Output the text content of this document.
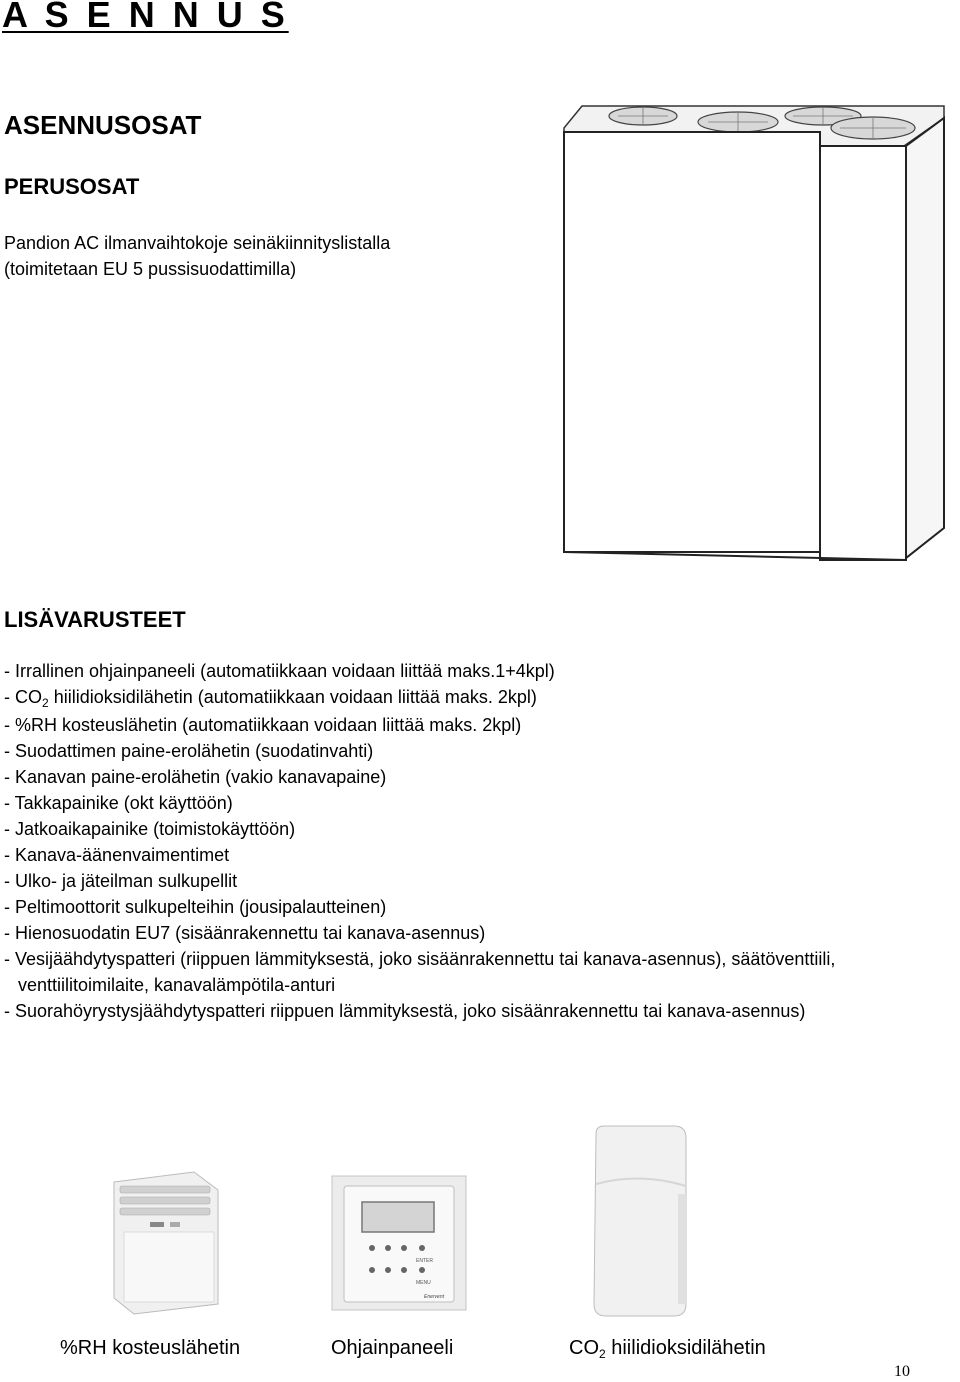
A S E N N U S
ASENNUSOSAT
PERUSOSAT

Pandion AC ilmanvaihtokoje seinäkiinnityslistalla

(toimitetaan EU 5 pussisuodattimilla)

LISÄVARUSTEET
- Irrallinen ohjainpaneeli (automatiikkaan voidaan liittää maks.1+4kpl)
- $CO_2$ hiilidioksidilähetin (automatiikkaan voidaan liittää maks. 2kpl)
- %RH kosteuslähetin (automatiikkaan voidaan liittää maks. 2kpl)
- Suodattimen paine-erolähetin (suodatinvahti)
- Kanavan paine-erolähetin (vakio kanavapaine)
- Takkapainike (okt käyttöön)
- Jatkoaikapainike (toimistokäyttöön)
- Kanava-äänenvaimentimet
- Ulko- ja jäteilman sulkupellit
- Peltimoottorit sulkupelteihin (jousipalautteinen)
- Hienosuodatin EU7 (sisäänrakennettu tai kanava-asennus)
- Vesijäähdytyspatteri (riippuen lämmityksestä, joko sisäänrakennettu tai kanava-asennus), säätöventtiili, venttiilitoimilaite, kanavalämpötila-anturi
- Suorahöyrystysjäähdytyspatteri riippuen lämmityksestä, joko sisäänrakennettu tai kanava-asennus)
ENTER
MENU
Enervent

%RH kosteuslähetin	Ohjainpaneeli	$CO_2$ hiilidioksidilähetin

10
